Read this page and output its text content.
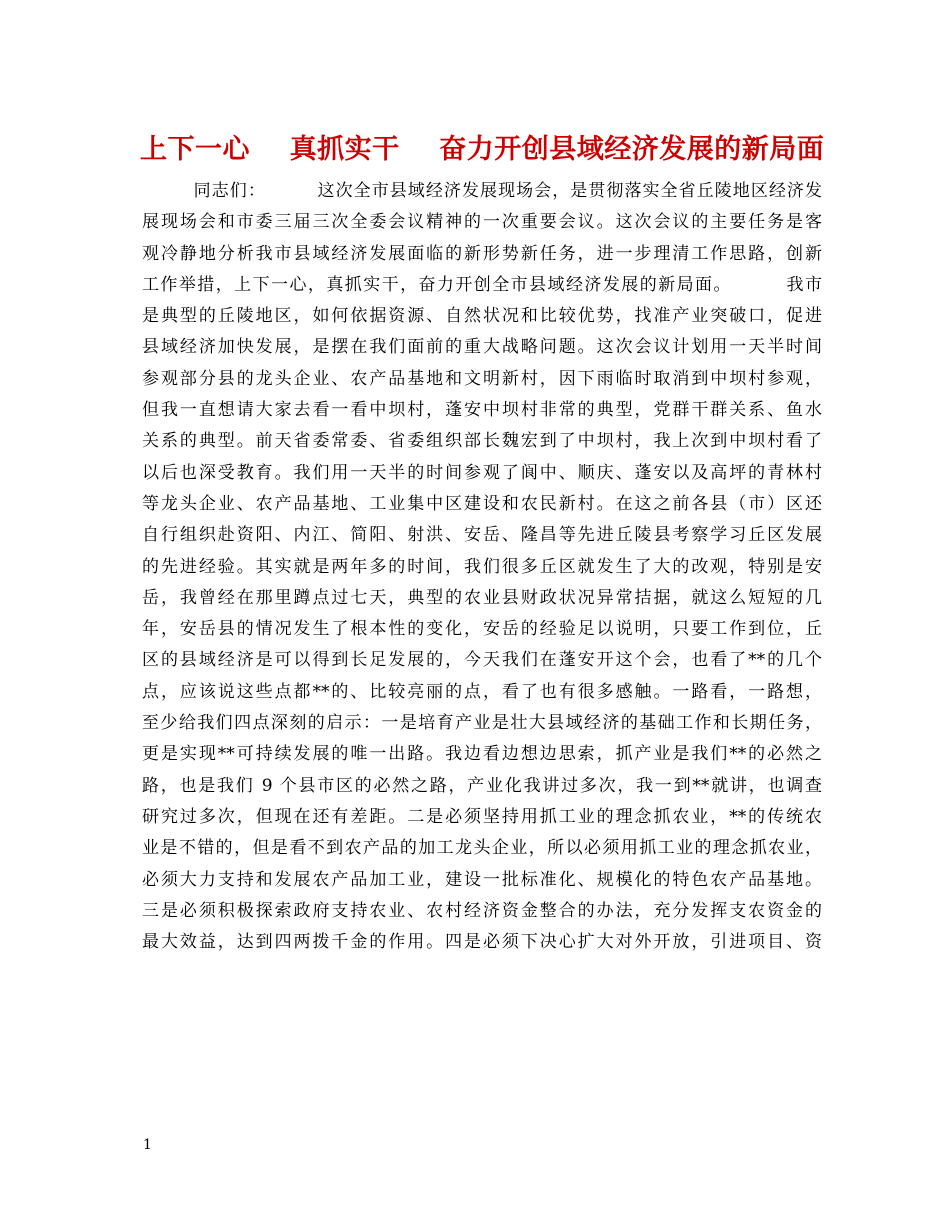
上下一心    真抓实干    奋力开创县域经济发展的新局面
同志们：        这次全市县域经济发展现场会，是贯彻落实全省丘陵地区经济发
展现场会和市委三届三次全委会议精神的一次重要会议。这次会议的主要任务是客
观冷静地分析我市县域经济发展面临的新形势新任务，进一步理清工作思路，创新
工作举措，上下一心，真抓实干，奋力开创全市县域经济发展的新局面。        我市
是典型的丘陵地区，如何依据资源、自然状况和比较优势，找准产业突破口，促进
县域经济加快发展，是摆在我们面前的重大战略问题。这次会议计划用一天半时间
参观部分县的龙头企业、农产品基地和文明新村，因下雨临时取消到中坝村参观，
但我一直想请大家去看一看中坝村，蓬安中坝村非常的典型，党群干群关系、鱼水
关系的典型。前天省委常委、省委组织部长魏宏到了中坝村，我上次到中坝村看了
以后也深受教育。我们用一天半的时间参观了阆中、顺庆、蓬安以及高坪的青林村
等龙头企业、农产品基地、工业集中区建设和农民新村。在这之前各县（市）区还
自行组织赴资阳、内江、简阳、射洪、安岳、隆昌等先进丘陵县考察学习丘区发展
的先进经验。其实就是两年多的时间，我们很多丘区就发生了大的改观，特别是安
岳，我曾经在那里蹲点过七天，典型的农业县财政状况异常拮据，就这么短短的几
年，安岳县的情况发生了根本性的变化，安岳的经验足以说明，只要工作到位，丘
区的县域经济是可以得到长足发展的，今天我们在蓬安开这个会，也看了**的几个
点，应该说这些点都**的、比较亮丽的点，看了也有很多感触。一路看，一路想，
至少给我们四点深刻的启示：一是培育产业是壮大县域经济的基础工作和长期任务，
更是实现**可持续发展的唯一出路。我边看边想边思索，抓产业是我们**的必然之
路，也是我们 9 个县市区的必然之路，产业化我讲过多次，我一到**就讲，也调查
研究过多次，但现在还有差距。二是必须坚持用抓工业的理念抓农业，**的传统农
业是不错的，但是看不到农产品的加工龙头企业，所以必须用抓工业的理念抓农业，
必须大力支持和发展农产品加工业，建设一批标准化、规模化的特色农产品基地。
三是必须积极探索政府支持农业、农村经济资金整合的办法，充分发挥支农资金的
最大效益，达到四两拨千金的作用。四是必须下决心扩大对外开放，引进项目、资
1
